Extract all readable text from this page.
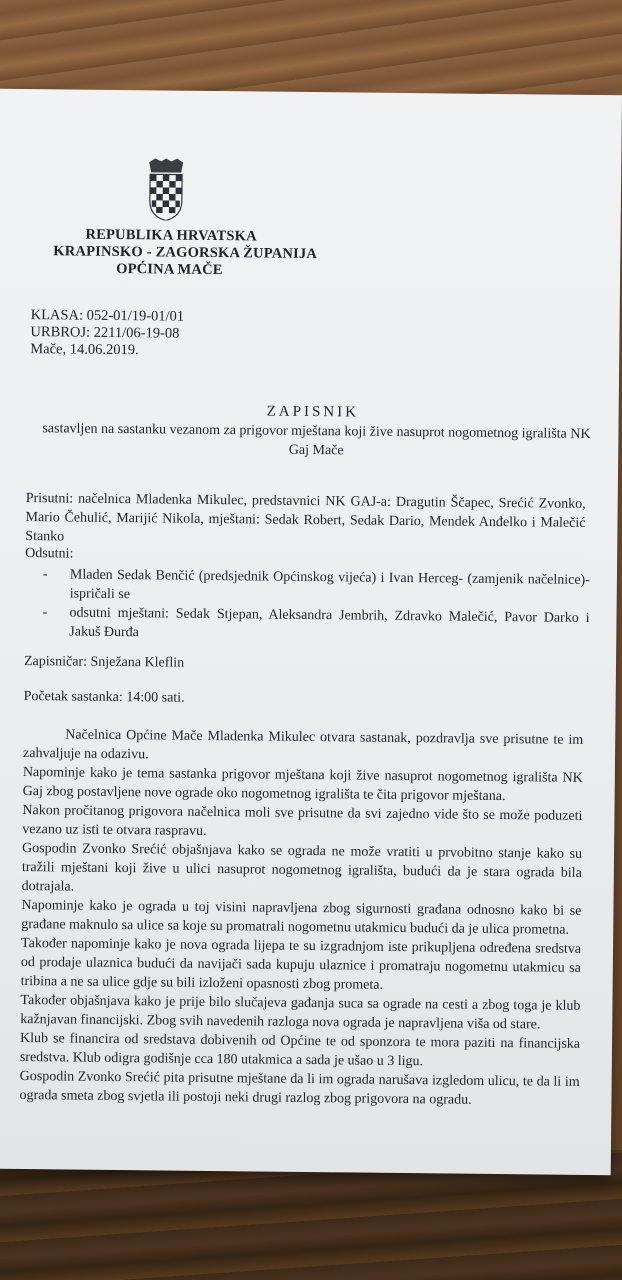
REPUBLIKA HRVATSKA
KRAPINSKO - ZAGORSKA ŽUPANIJA
OPĆINA MAČE
KLASA: 052-01/19-01/01
URBROJ: 2211/06-19-08
Mače, 14.06.2019.
ZAPISNIK
sastavljen na sastanku vezanom za prigovor mještana koji žive nasuprot nogometnog igrališta NK Gaj Mače
Prisutni: načelnica Mladenka Mikulec, predstavnici NK GAJ-a: Dragutin Ščapec, Srećić Zvonko, Mario Čehulić, Marijić Nikola, mještani: Sedak Robert, Sedak Dario, Mendek Anđelko i Malečić Stanko
Odsutni:
- Mladen Sedak Benčić (predsjednik Općinskog vijeća) i Ivan Herceg- (zamjenik načelnice)- ispričali se
- odsutni mještani: Sedak Stjepan, Aleksandra Jembrih, Zdravko Malečić, Pavor Darko i Jakuš Đurđa
Zapisničar: Snježana Kleflin
Početak sastanka: 14:00 sati.

Načelnica Općine Mače Mladenka Mikulec otvara sastanak, pozdravlja sve prisutne te im zahvaljuje na odazivu.

Napominje kako je tema sastanka prigovor mještana koji žive nasuprot nogometnog igrališta NK Gaj zbog postavljene nove ograde oko nogometnog igrališta te čita prigovor mještana.

Nakon pročitanog prigovora načelnica moli sve prisutne da svi zajedno vide što se može poduzeti vezano uz isti te otvara raspravu.

Gospodin Zvonko Srećić objašnjava kako se ograda ne može vratiti u prvobitno stanje kako su tražili mještani koji žive u ulici nasuprot nogometnog igrališta, budući da je stara ograda bila dotrajala.

Napominje kako je ograda u toj visini napravljena zbog sigurnosti građana odnosno kako bi se građane maknulo sa ulice sa koje su promatrali nogometnu utakmicu budući da je ulica prometna.

Također napominje kako je nova ograda lijepa te su izgradnjom iste prikupljena određena sredstva od prodaje ulaznica budući da navijači sada kupuju ulaznice i promatraju nogometnu utakmicu sa tribina a ne sa ulice gdje su bili izloženi opasnosti zbog prometa.

Također objašnjava kako je prije bilo slučajeva gađanja suca sa ograde na cesti a zbog toga je klub kažnjavan financijski. Zbog svih navedenih razloga nova ograda je napravljena viša od stare.

Klub se financira od sredstava dobivenih od Općine te od sponzora te mora paziti na financijska sredstva. Klub odigra godišnje cca 180 utakmica a sada je ušao u 3 ligu.

Gospodin Zvonko Srećić pita prisutne mještane da li im ograda narušava izgledom ulicu, te da li im ograda smeta zbog svjetla ili postoji neki drugi razlog zbog prigovora na ogradu.
